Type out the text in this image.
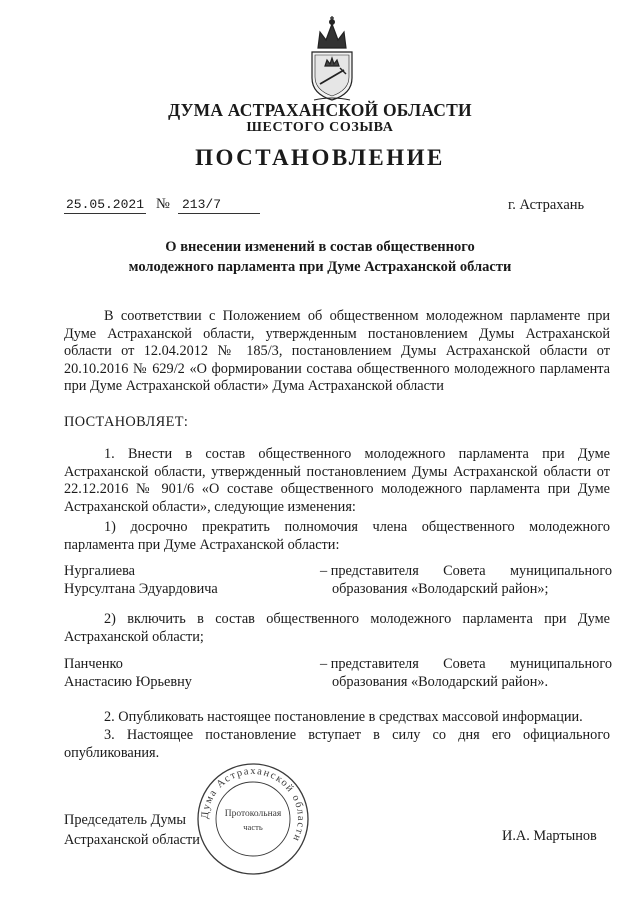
ДУМА АСТРАХАНСКОЙ ОБЛАСТИ
ШЕСТОГО СОЗЫВА
ПОСТАНОВЛЕНИЕ
25.05.2021 № 213/7	г. Астрахань
О внесении изменений в состав общественного
молодежного парламента при Думе Астраханской области
В соответствии с Положением об общественном молодежном парламенте при Думе Астраханской области, утвержденным постановлением Думы Астраханской области от 12.04.2012 № 185/3, постановлением Думы Астраханской области от 20.10.2016 № 629/2 «О формировании состава общественного молодежного парламента при Думе Астраханской области» Дума Астраханской области
ПОСТАНОВЛЯЕТ:
1. Внести в состав общественного молодежного парламента при Думе Астраханской области, утвержденный постановлением Думы Астраханской области от 22.12.2016 № 901/6 «О составе общественного молодежного парламента при Думе Астраханской области», следующие изменения:
1) досрочно прекратить полномочия члена общественного молодежного парламента при Думе Астраханской области:
Нургалиева
Нурсултана Эдуардовича
– представителя Совета муниципального
образования «Володарский район»;
2) включить в состав общественного молодежного парламента при Думе Астраханской области;
Панченко
Анастасию Юрьевну
– представителя Совета муниципального
образования «Володарский район».
2. Опубликовать настоящее постановление в средствах массовой информации.
3. Настоящее постановление вступает в силу со дня его официального опубликования.
Дума Астраханской области
Протокольная
часть
Председатель Думы
Астраханской области	И.А. Мартынов
